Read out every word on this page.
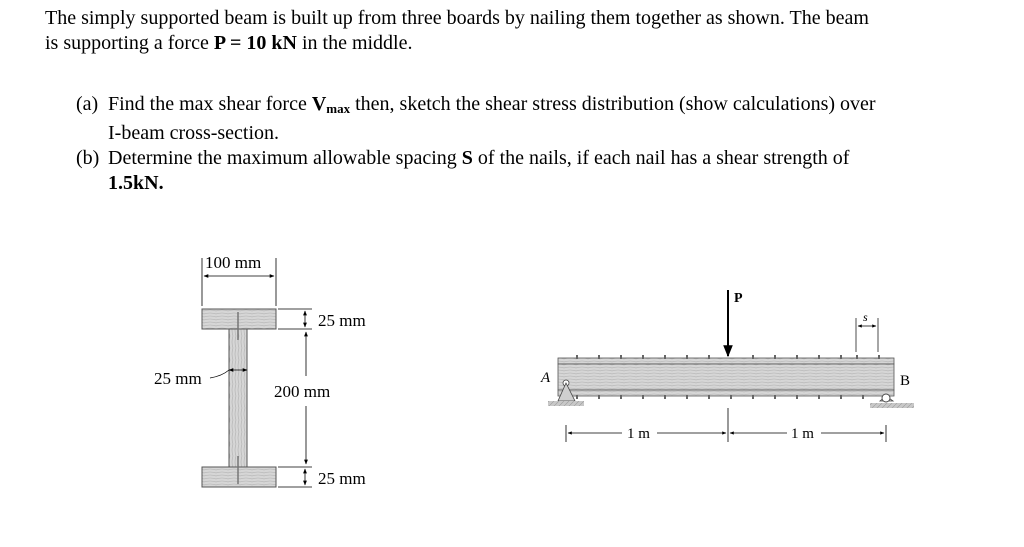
The simply supported beam is built up from three boards by nailing them together as shown. The beam
is supporting a force P = 10 kN in the middle.
(a) Find the max shear force $V_{max}$ then, sketch the shear stress distribution (show calculations) over
I-beam cross-section.
(b) Determine the maximum allowable spacing S of the nails, if each nail has a shear strength of
1.5kN.
100 mm
25 mm
25 mm
200 mm
25 mm
P
A	B
s
1 m	1 m
